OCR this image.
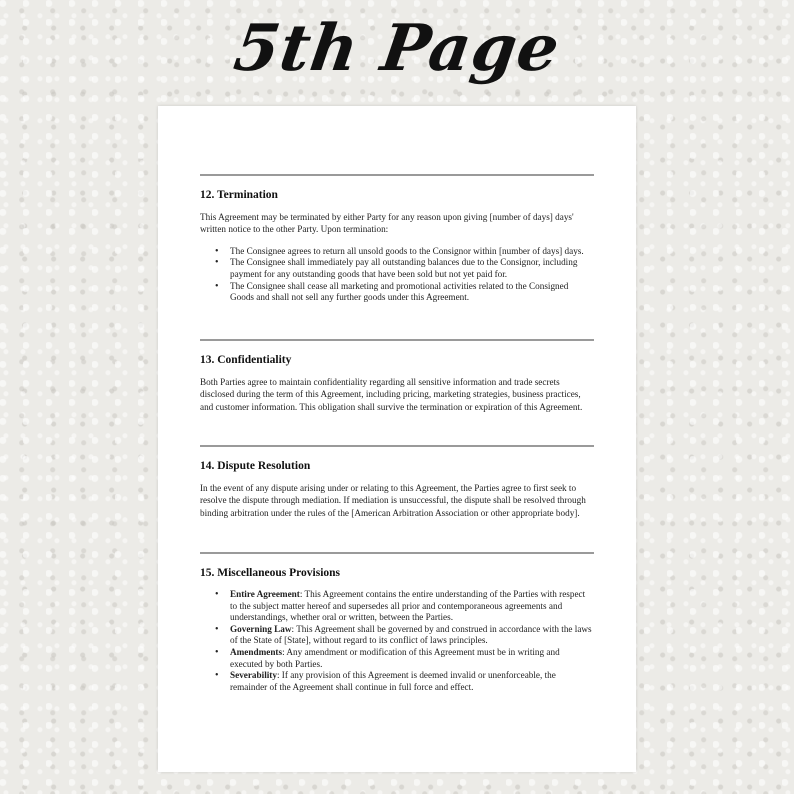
5th Page
12. Termination

This Agreement may be terminated by either Party for any reason upon giving [number of days] days' written notice to the other Party. Upon termination:

• The Consignee agrees to return all unsold goods to the Consignor within [number of days] days.
• The Consignee shall immediately pay all outstanding balances due to the Consignor, including payment for any outstanding goods that have been sold but not yet paid for.
• The Consignee shall cease all marketing and promotional activities related to the Consigned Goods and shall not sell any further goods under this Agreement.
13. Confidentiality

Both Parties agree to maintain confidentiality regarding all sensitive information and trade secrets disclosed during the term of this Agreement, including pricing, marketing strategies, business practices, and customer information. This obligation shall survive the termination or expiration of this Agreement.

14. Dispute Resolution

In the event of any dispute arising under or relating to this Agreement, the Parties agree to first seek to resolve the dispute through mediation. If mediation is unsuccessful, the dispute shall be resolved through binding arbitration under the rules of the [American Arbitration Association or other appropriate body].

15. Miscellaneous Provisions
• Entire Agreement: This Agreement contains the entire understanding of the Parties with respect to the subject matter hereof and supersedes all prior and contemporaneous agreements and understandings, whether oral or written, between the Parties.
• Governing Law: This Agreement shall be governed by and construed in accordance with the laws of the State of [State], without regard to its conflict of laws principles.
• Amendments: Any amendment or modification of this Agreement must be in writing and executed by both Parties.
• Severability: If any provision of this Agreement is deemed invalid or unenforceable, the remainder of the Agreement shall continue in full force and effect.
